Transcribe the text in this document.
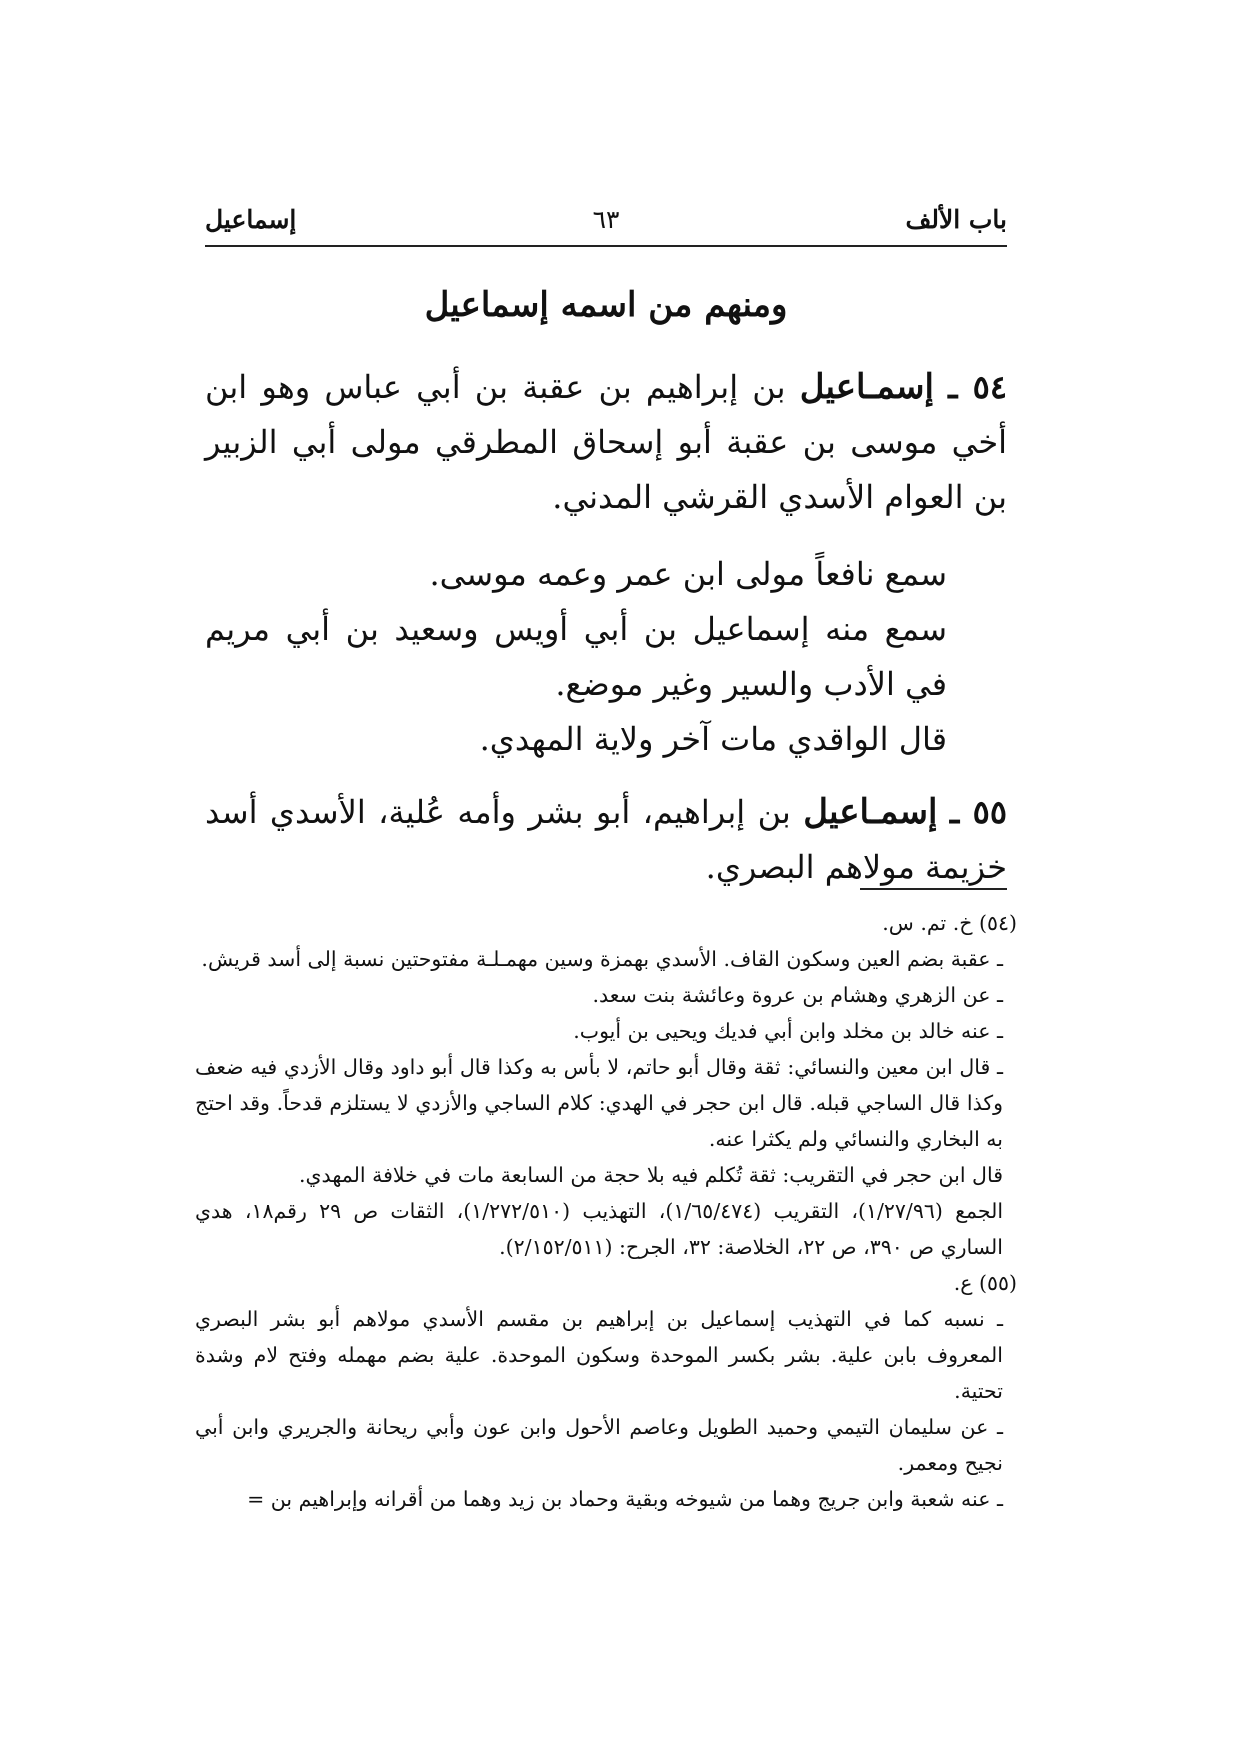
باب الألف
٦٣
إسماعيل
ومنهم من اسمه إسماعيل

٥٤ ـ إسمـاعيل بن إبراهيم بن عقبة بن أبي عباس وهو ابن أخي موسى بن عقبة أبو إسحاق المطرقي مولى أبي الزبير بن العوام الأسدي القرشي المدني.

سمع نافعاً مولى ابن عمر وعمه موسى.

سمع منه إسماعيل بن أبي أويس وسعيد بن أبي مريم في الأدب والسير وغير موضع.

قال الواقدي مات آخر ولاية المهدي.

٥٥ ـ إسمـاعيل بن إبراهيم، أبو بشر وأمه عُلية، الأسدي أسد خزيمة مولاهم البصري.

(٥٤) خ. تم. س.

ـ عقبة بضم العين وسكون القاف. الأسدي بهمزة وسين مهمـلـة مفتوحتين نسبة إلى أسد قريش.

ـ عن الزهري وهشام بن عروة وعائشة بنت سعد.

ـ عنه خالد بن مخلد وابن أبي فديك ويحيى بن أيوب.

ـ قال ابن معين والنسائي: ثقة وقال أبو حاتم، لا بأس به وكذا قال أبو داود وقال الأزدي فيه ضعف وكذا قال الساجي قبله. قال ابن حجر في الهدي: كلام الساجي والأزدي لا يستلزم قدحاً. وقد احتج به البخاري والنسائي ولم يكثرا عنه.

قال ابن حجر في التقريب: ثقة تُكلم فيه بلا حجة من السابعة مات في خلافة المهدي.

الجمع (١/٢٧/٩٦)، التقريب (١/٦٥/٤٧٤)، التهذيب (١/٢٧٢/٥١٠)، الثقات ص ٢٩ رقم١٨، هدي الساري ص ٣٩٠، ص ٢٢، الخلاصة: ٣٢، الجرح: (٢/١٥٢/٥١١).

(٥٥) ع.

ـ نسبه كما في التهذيب إسماعيل بن إبراهيم بن مقسم الأسدي مولاهم أبو بشر البصري المعروف بابن علية. بشر بكسر الموحدة وسكون الموحدة. علية بضم مهمله وفتح لام وشدة تحتية.

ـ عن سليمان التيمي وحميد الطويل وعاصم الأحول وابن عون وأبي ريحانة والجريري وابن أبي نجيح ومعمر.

ـ عنه شعبة وابن جريج وهما من شيوخه وبقية وحماد بن زيد وهما من أقرانه وإبراهيم بن =
